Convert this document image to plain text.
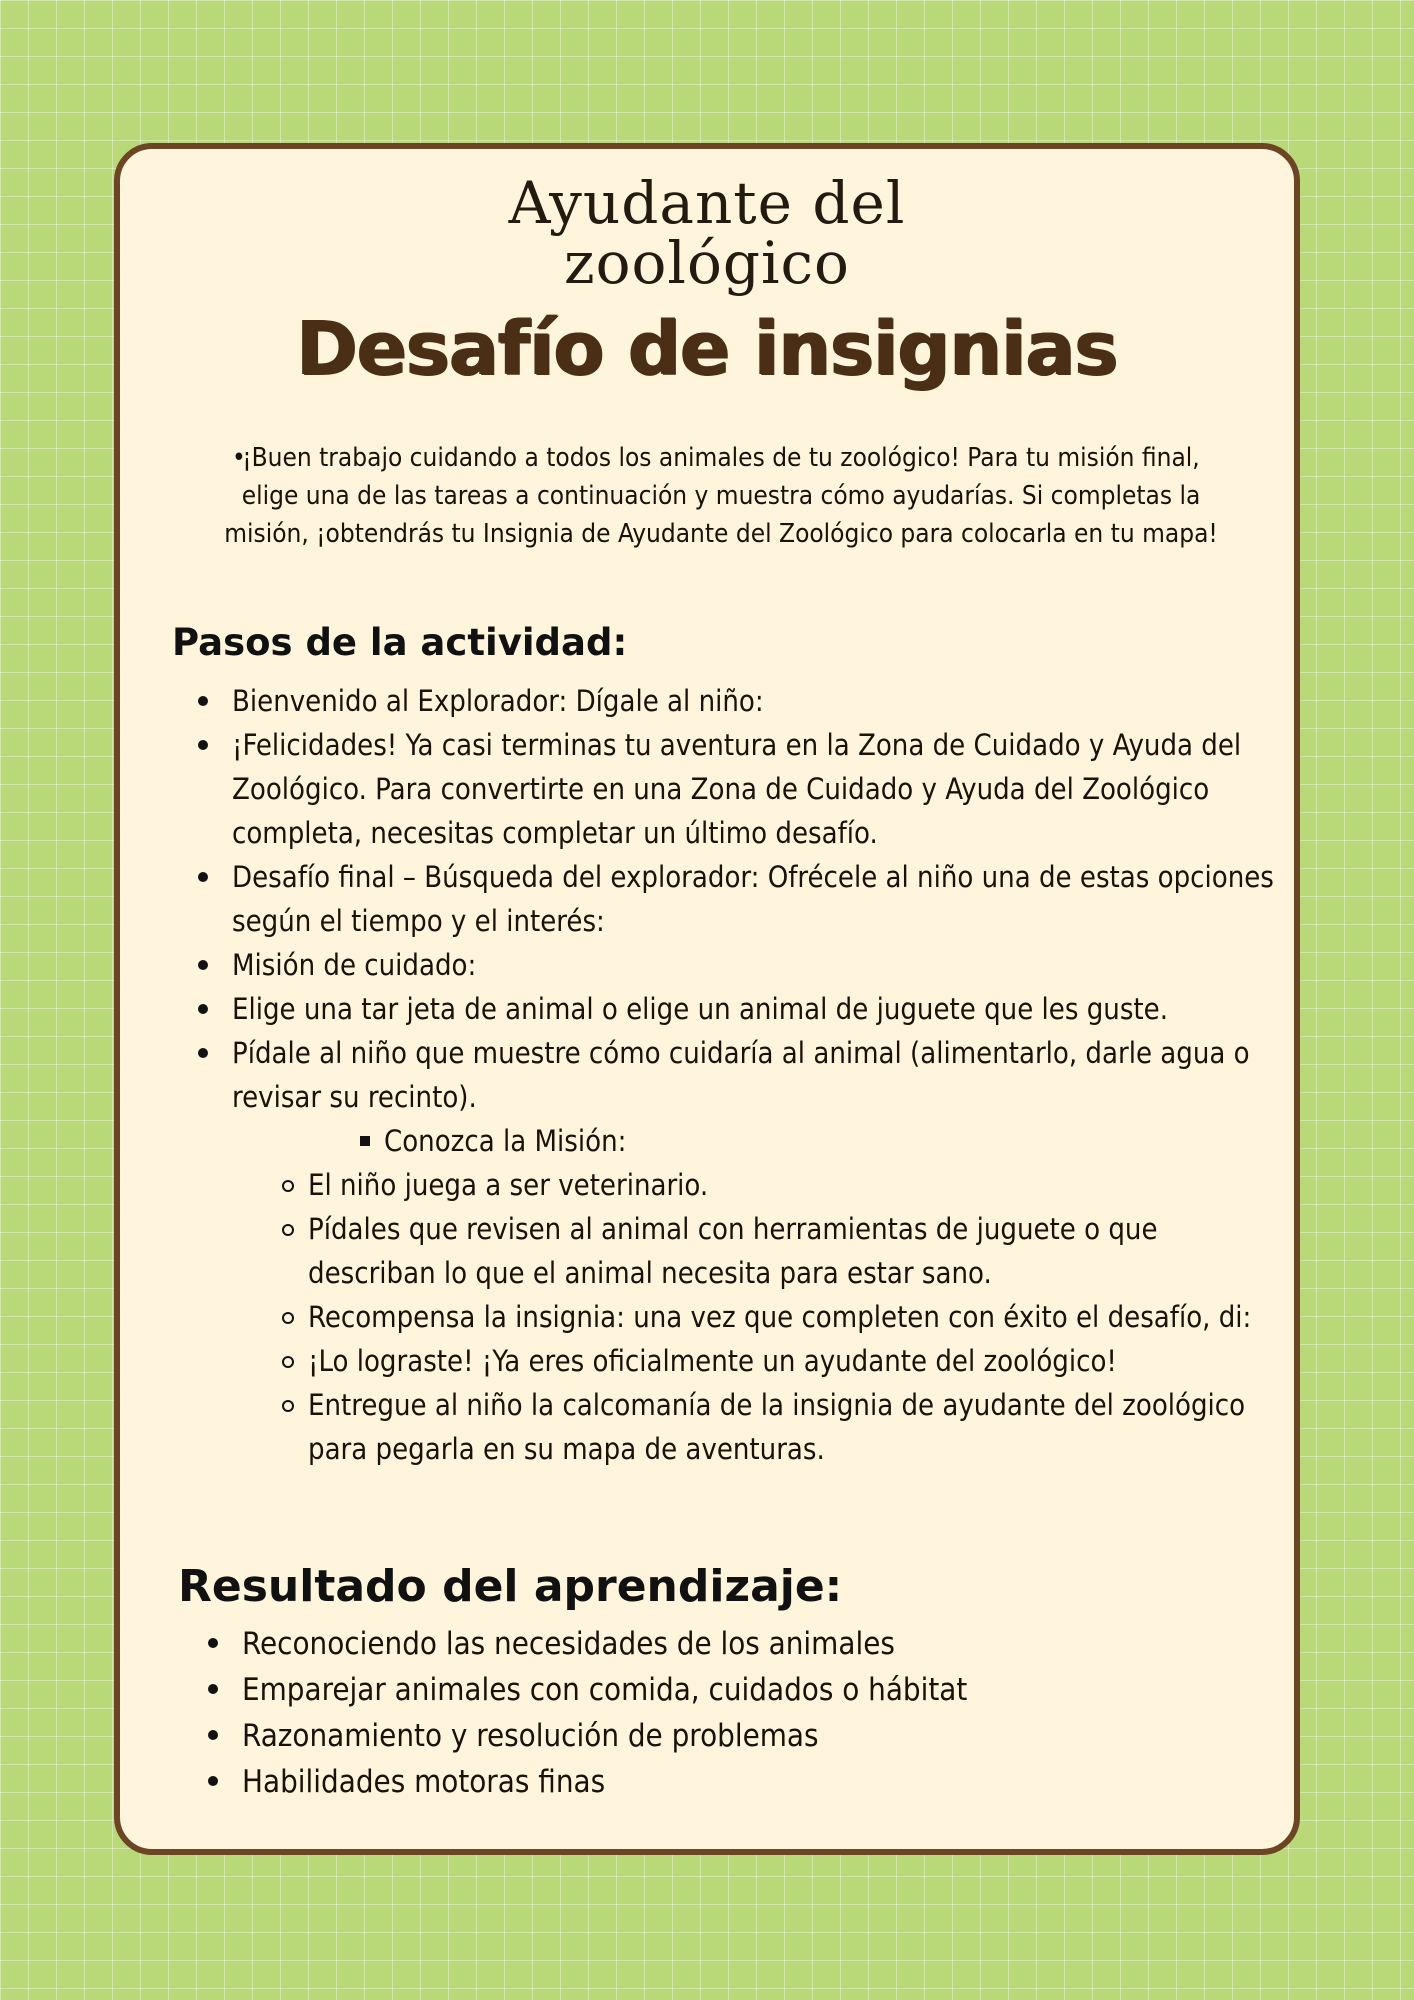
Ayudante del
zoológico
Desafío de insignias
• ¡Buen trabajo cuidando a todos los animales de tu zoológico! Para tu misión final, elige una de las tareas a continuación y muestra cómo ayudarías. Si completas la misión, ¡obtendrás tu Insignia de Ayudante del Zoológico para colocarla en tu mapa!
Pasos de la actividad:
Bienvenido al Explorador: Dígale al niño:
¡Felicidades! Ya casi terminas tu aventura en la Zona de Cuidado y Ayuda del Zoológico. Para convertirte en una Zona de Cuidado y Ayuda del Zoológico completa, necesitas completar un último desafío.
Desafío final – Búsqueda del explorador: Ofrécele al niño una de estas opciones según el tiempo y el interés:
Misión de cuidado:
Elige una tar jeta de animal o elige un animal de juguete que les guste.
Pídale al niño que muestre cómo cuidaría al animal (alimentarlo, darle agua o revisar su recinto).
Conozca la Misión:
El niño juega a ser veterinario.
Pídales que revisen al animal con herramientas de juguete o que describan lo que el animal necesita para estar sano.
Recompensa la insignia: una vez que completen con éxito el desafío, di:
¡Lo lograste! ¡Ya eres oficialmente un ayudante del zoológico!
Entregue al niño la calcomanía de la insignia de ayudante del zoológico para pegarla en su mapa de aventuras.
Resultado del aprendizaje:
Reconociendo las necesidades de los animales
Emparejar animales con comida, cuidados o hábitat
Razonamiento y resolución de problemas
Habilidades motoras finas
